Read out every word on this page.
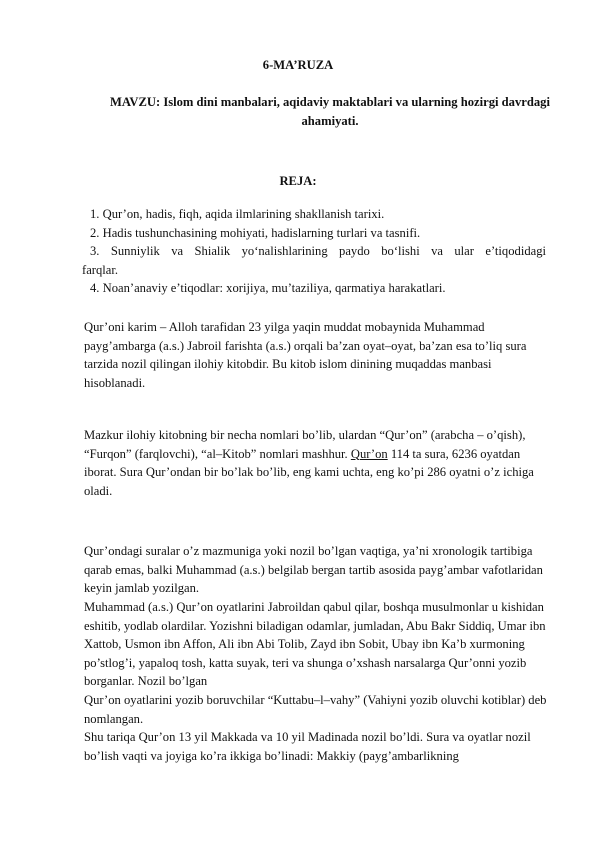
6-MA’RUZA
MAVZU: Islom dini manbalari, aqidaviy maktablari va ularning hozirgi davrdagi ahamiyati.
REJA:
1. Qur’on, hadis, fiqh, aqida ilmlarining shakllanish tarixi.
2. Hadis tushunchasining mohiyati, hadislarning turlari va tasnifi.
3. Sunniylik va Shialik yo‘nalishlarining paydo bo‘lishi va ular e’tiqodidagi
farqlar.
4. Noan’anaviy e’tiqodlar: xorijiya, mu’taziliya, qarmatiya harakatlari.

Qur’oni karim – Alloh tarafidan 23 yilga yaqin muddat mobaynida Muhammad payg’ambarga (a.s.) Jabroil farishta (a.s.) orqali ba’zan oyat–oyat, ba’zan esa to’liq sura tarzida nozil qilingan ilohiy kitobdir. Bu kitob islom dinining muqaddas manbasi hisoblanadi.

Mazkur ilohiy kitobning bir necha nomlari bo’lib, ulardan “Qur’on” (arabcha – o’qish), “Furqon” (farqlovchi), “al–Kitob” nomlari mashhur. Qur’on 114 ta sura, 6236 oyatdan iborat. Sura Qur’ondan bir bo’lak bo’lib, eng kami uchta, eng ko’pi 286 oyatni o’z ichiga oladi.

Qur’ondagi suralar o’z mazmuniga yoki nozil bo’lgan vaqtiga, ya’ni xronologik tartibiga qarab emas, balki Muhammad (a.s.) belgilab bergan tartib asosida payg’ambar vafotlaridan keyin jamlab yozilgan.

Muhammad (a.s.) Qur’on oyatlarini Jabroildan qabul qilar, boshqa musulmonlar u kishidan eshitib, yodlab olardilar. Yozishni biladigan odamlar, jumladan, Abu Bakr Siddiq, Umar ibn Xattob, Usmon ibn Affon, Ali ibn Abi Tolib, Zayd ibn Sobit, Ubay ibn Ka’b xurmoning po’stlog’i, yapaloq tosh, katta suyak, teri va shunga o’xshash narsalarga Qur’onni yozib borganlar. Nozil bo’lgan

Qur’on oyatlarini yozib boruvchilar “Kuttabu–l–vahy” (Vahiyni yozib oluvchi kotiblar) deb nomlangan.

Shu tariqa Qur’on 13 yil Makkada va 10 yil Madinada nozil bo’ldi. Sura va oyatlar nozil bo’lish vaqti va joyiga ko’ra ikkiga bo’linadi: Makkiy (payg’ambarlikning
